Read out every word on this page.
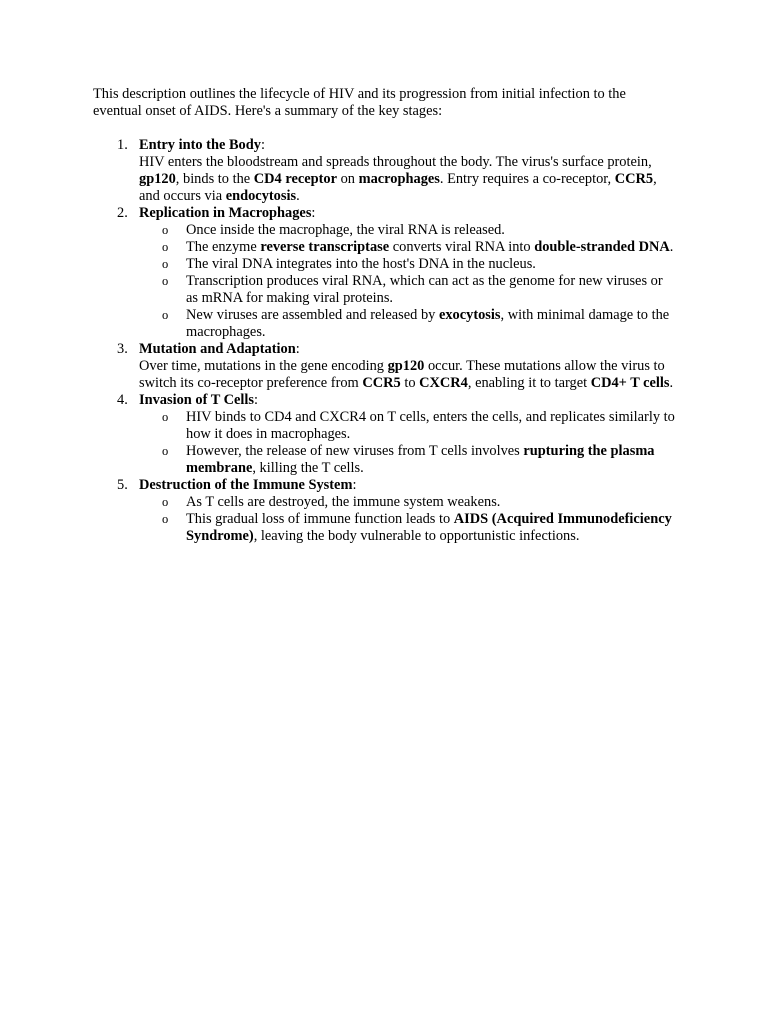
This description outlines the lifecycle of HIV and its progression from initial infection to the eventual onset of AIDS. Here's a summary of the key stages:

Entry into the Body:
HIV enters the bloodstream and spreads throughout the body. The virus's surface protein, gp120, binds to the CD4 receptor on macrophages. Entry requires a co-receptor, CCR5, and occurs via endocytosis.
Replication in Macrophages:
o Once inside the macrophage, the viral RNA is released.
o The enzyme reverse transcriptase converts viral RNA into double-stranded DNA.
o The viral DNA integrates into the host's DNA in the nucleus.
o Transcription produces viral RNA, which can act as the genome for new viruses or as mRNA for making viral proteins.
o New viruses are assembled and released by exocytosis, with minimal damage to the macrophages.
Mutation and Adaptation:
Over time, mutations in the gene encoding gp120 occur. These mutations allow the virus to switch its co-receptor preference from CCR5 to CXCR4, enabling it to target CD4+ T cells.
Invasion of T Cells:
o HIV binds to CD4 and CXCR4 on T cells, enters the cells, and replicates similarly to how it does in macrophages.
o However, the release of new viruses from T cells involves rupturing the plasma membrane, killing the T cells.
Destruction of the Immune System:
o As T cells are destroyed, the immune system weakens.
o This gradual loss of immune function leads to AIDS (Acquired Immunodeficiency Syndrome), leaving the body vulnerable to opportunistic infections.
